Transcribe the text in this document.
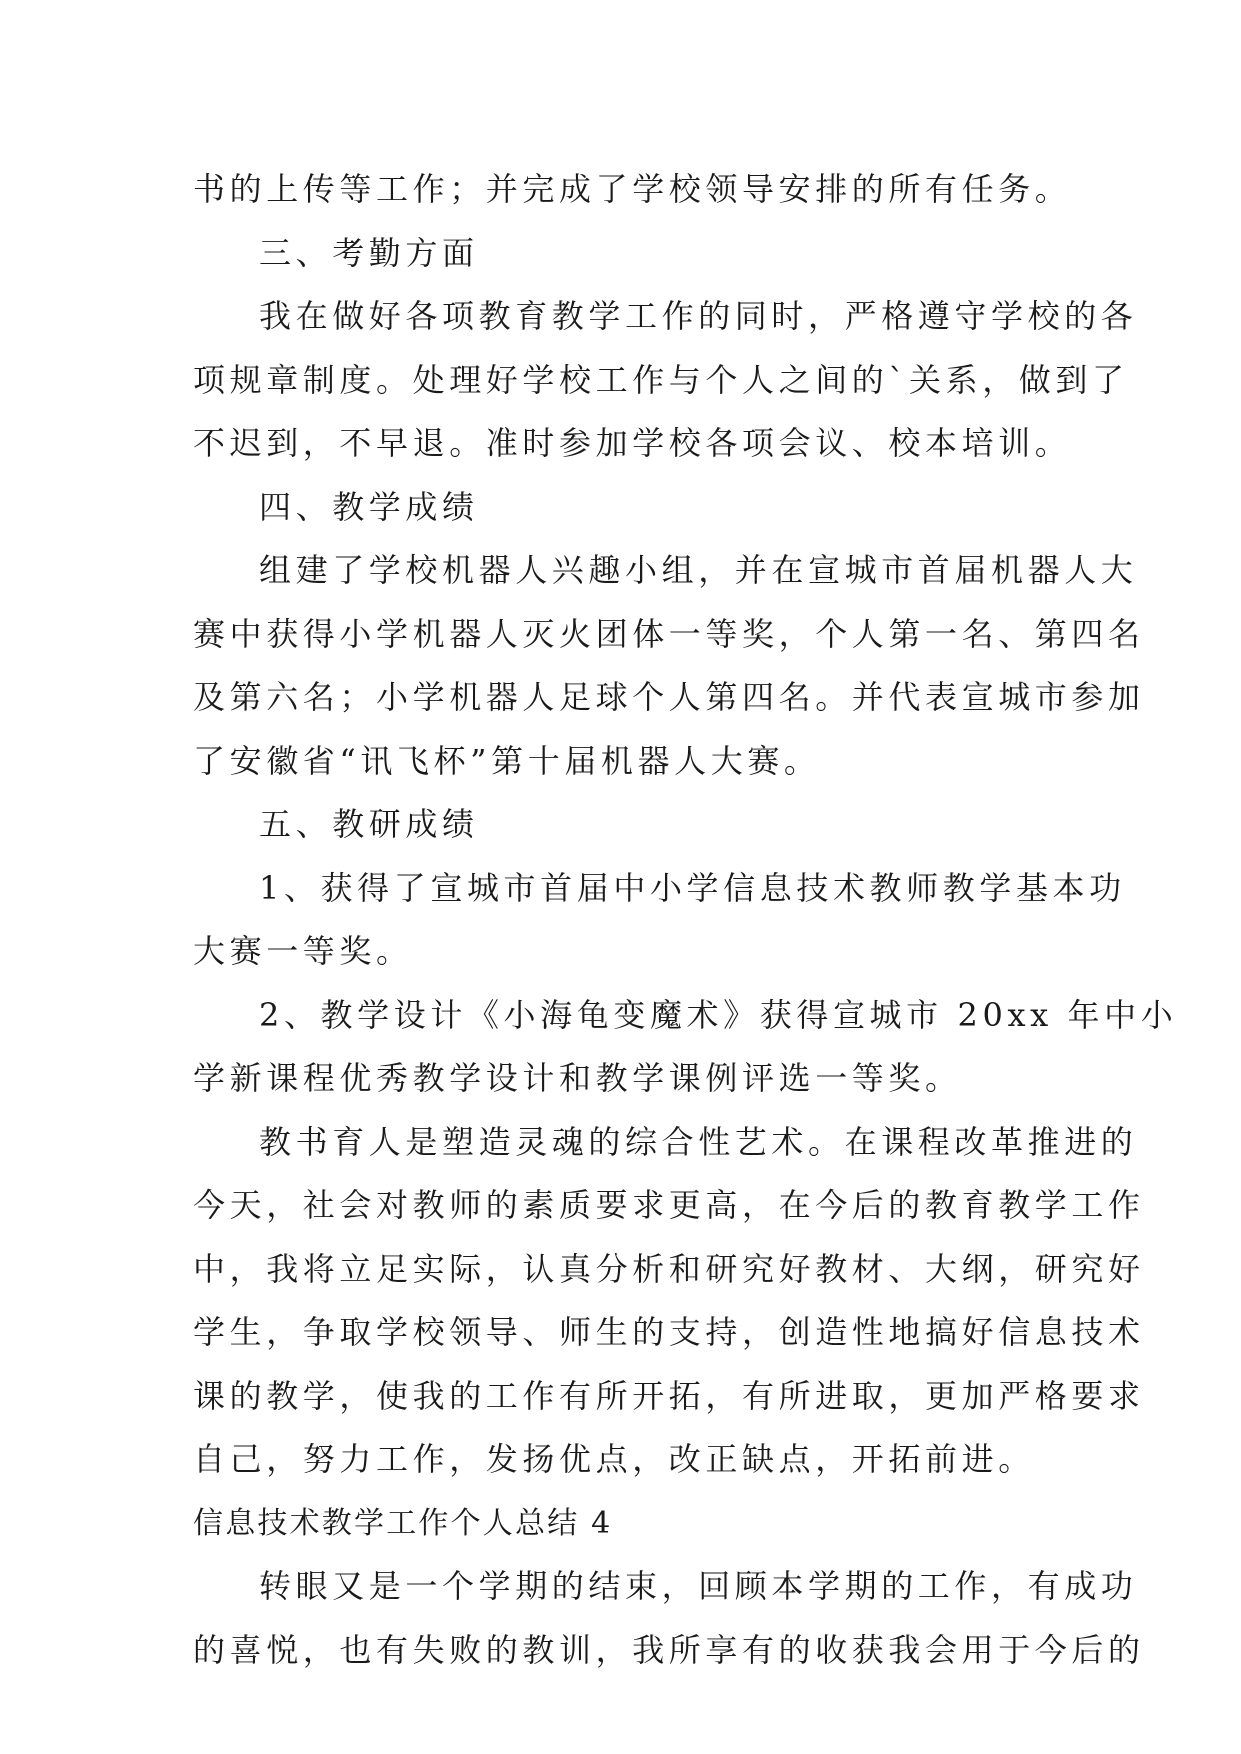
书的上传等工作；并完成了学校领导安排的所有任务。
三、考勤方面
我在做好各项教育教学工作的同时，严格遵守学校的各
项规章制度。处理好学校工作与个人之间的`关系，做到了
不迟到，不早退。准时参加学校各项会议、校本培训。
四、教学成绩
组建了学校机器人兴趣小组，并在宣城市首届机器人大
赛中获得小学机器人灭火团体一等奖，个人第一名、第四名
及第六名；小学机器人足球个人第四名。并代表宣城市参加
了安徽省“讯飞杯”第十届机器人大赛。
五、教研成绩
1、获得了宣城市首届中小学信息技术教师教学基本功
大赛一等奖。
2、教学设计《小海龟变魔术》获得宣城市 20xx 年中小
学新课程优秀教学设计和教学课例评选一等奖。
教书育人是塑造灵魂的综合性艺术。在课程改革推进的
今天，社会对教师的素质要求更高，在今后的教育教学工作
中，我将立足实际，认真分析和研究好教材、大纲，研究好
学生，争取学校领导、师生的支持，创造性地搞好信息技术
课的教学，使我的工作有所开拓，有所进取，更加严格要求
自己，努力工作，发扬优点，改正缺点，开拓前进。
信息技术教学工作个人总结 4
转眼又是一个学期的结束，回顾本学期的工作，有成功
的喜悦，也有失败的教训，我所享有的收获我会用于今后的
